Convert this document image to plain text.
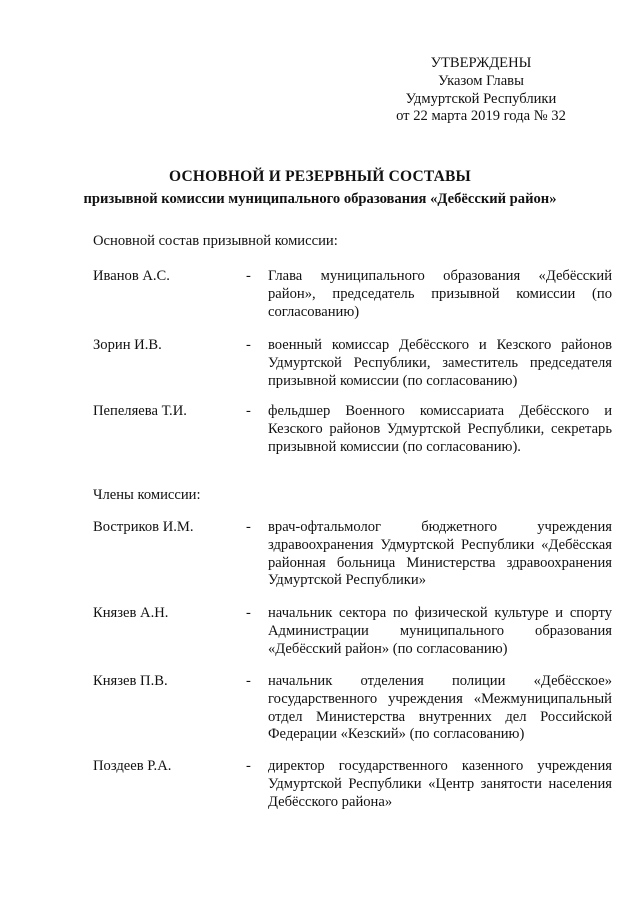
УТВЕРЖДЕНЫ
Указом Главы
Удмуртской Республики
от 22 марта 2019 года № 32
ОСНОВНОЙ И РЕЗЕРВНЫЙ СОСТАВЫ
призывной комиссии муниципального образования «Дебёсский район»
Основной состав призывной комиссии:
Иванов А.С.	- Глава муниципального образования «Дебёсский район», председатель призывной комиссии (по согласованию)
Зорин И.В.	- военный комиссар Дебёсского и Кезского районов Удмуртской Республики, заместитель председателя призывной комиссии (по согласованию)
Пепеляева Т.И.	- фельдшер Военного комиссариата Дебёсского и Кезского районов Удмуртской Республики, секретарь призывной комиссии (по согласованию).
Члены комиссии:
Востриков И.М.	- врач-офтальмолог бюджетного учреждения здравоохранения Удмуртской Республики «Дебёсская районная больница Министерства здравоохранения Удмуртской Республики»
Князев А.Н.	- начальник сектора по физической культуре и спорту Администрации муниципального образования «Дебёсский район» (по согласованию)
Князев П.В.	- начальник отделения полиции «Дебёсское» государственного учреждения «Межмуниципальный отдел Министерства внутренних дел Российской Федерации «Кезский» (по согласованию)
Поздеев Р.А.	- директор государственного казенного учреждения Удмуртской Республики «Центр занятости населения Дебёсского района»
